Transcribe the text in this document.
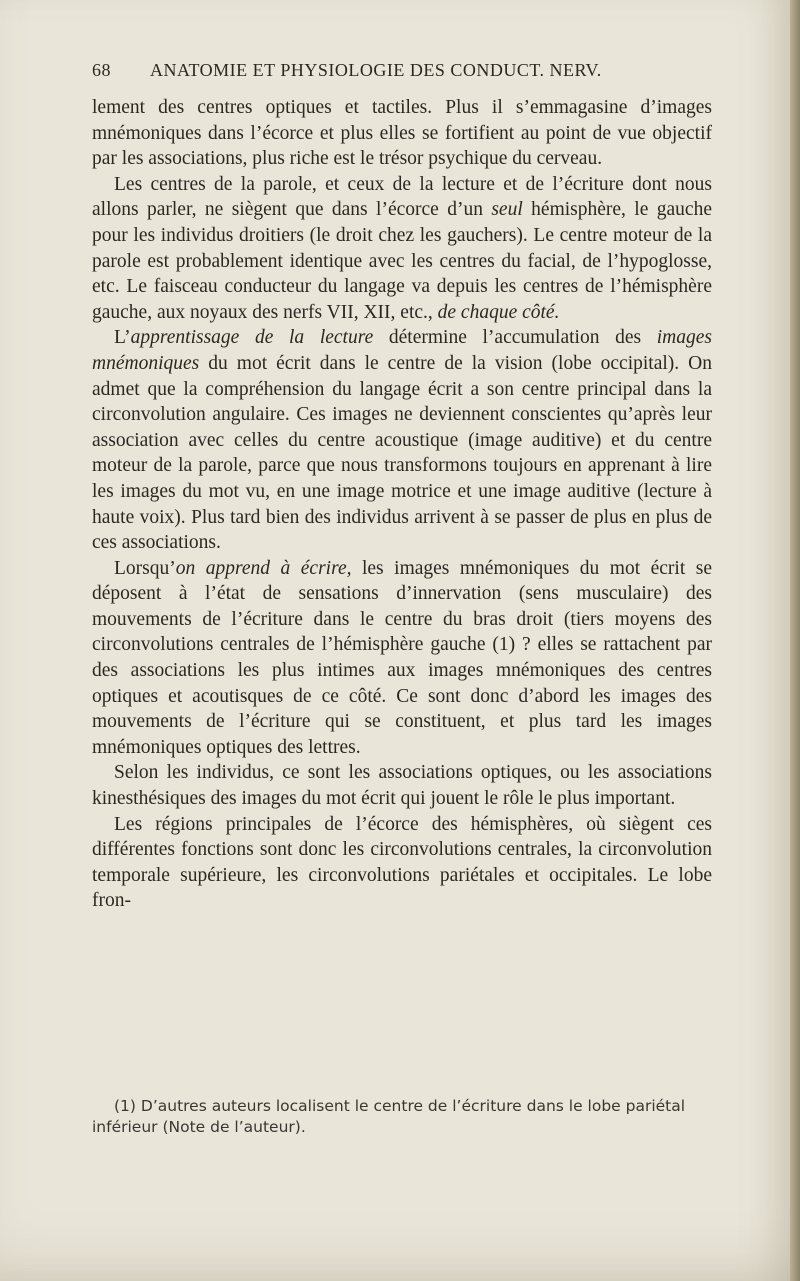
68	ANATOMIE ET PHYSIOLOGIE DES CONDUCT. NERV.

lement des centres optiques et tactiles. Plus il s’emmagasine d’images mnémoniques dans l’écorce et plus elles se fortifient au point de vue objectif par les associations, plus riche est le trésor psychique du cerveau.

Les centres de la parole, et ceux de la lecture et de l’écriture dont nous allons parler, ne siègent que dans l’écorce d’un seul hémisphère, le gauche pour les individus droitiers (le droit chez les gauchers). Le centre moteur de la parole est probablement identique avec les centres du facial, de l’hypoglosse, etc. Le faisceau conducteur du langage va depuis les centres de l’hémisphère gauche, aux noyaux des nerfs VII, XII, etc., de chaque côté.

L’apprentissage de la lecture détermine l’accumulation des images mnémoniques du mot écrit dans le centre de la vision (lobe occipital). On admet que la compréhension du langage écrit a son centre principal dans la circonvolution angulaire. Ces images ne deviennent conscientes qu’après leur association avec celles du centre acoustique (image auditive) et du centre moteur de la parole, parce que nous transformons toujours en apprenant à lire les images du mot vu, en une image motrice et une image auditive (lecture à haute voix). Plus tard bien des individus arrivent à se passer de plus en plus de ces associations.

Lorsqu’on apprend à écrire, les images mnémoniques du mot écrit se déposent à l’état de sensations d’innervation (sens musculaire) des mouvements de l’écriture dans le centre du bras droit (tiers moyens des circonvolutions centrales de l’hémisphère gauche (1) ? elles se rattachent par des associations les plus intimes aux images mnémoniques des centres optiques et acoutisques de ce côté. Ce sont donc d’abord les images des mouvements de l’écriture qui se constituent, et plus tard les images mnémoniques optiques des lettres.

Selon les individus, ce sont les associations optiques, ou les associations kinesthésiques des images du mot écrit qui jouent le rôle le plus important.

Les régions principales de l’écorce des hémisphères, où siègent ces différentes fonctions sont donc les circonvolutions centrales, la circonvolution temporale supérieure, les circonvolutions pariétales et occipitales. Le lobe fron-

(1) D’autres auteurs localisent le centre de l’écriture dans le lobe pariétal inférieur (Note de l’auteur).
